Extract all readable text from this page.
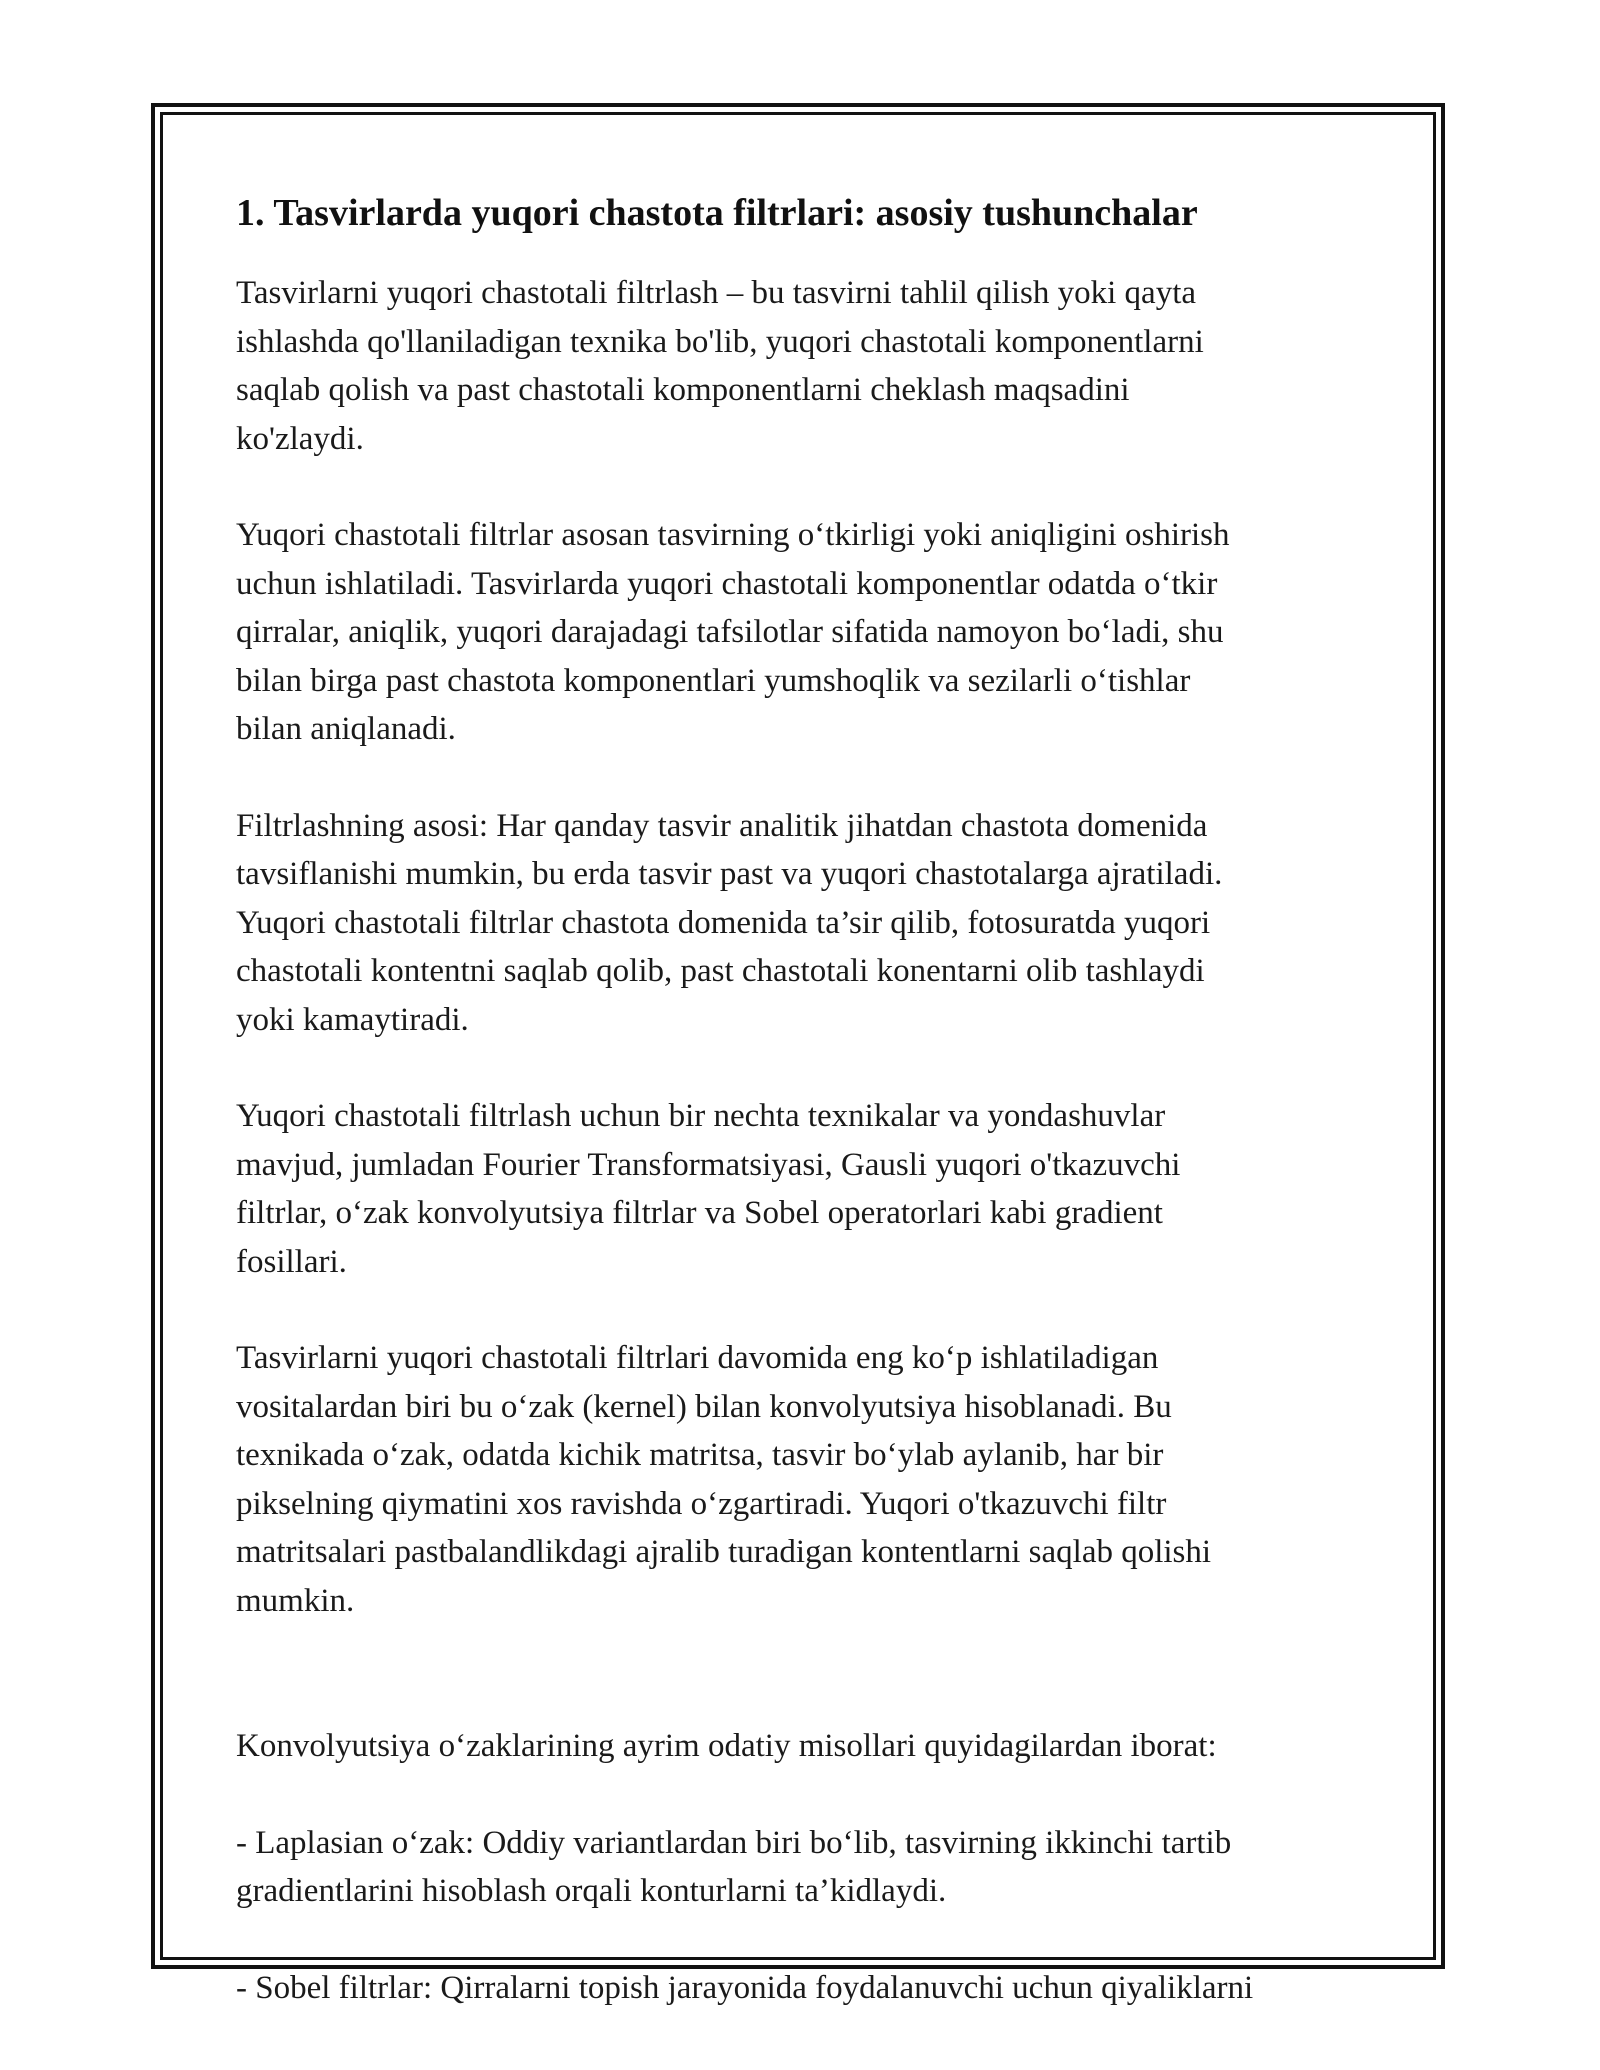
1. Tasvirlarda yuqori chastota filtrlari: asosiy tushunchalar

Tasvirlarni yuqori chastotali filtrlash – bu tasvirni tahlil qilish yoki qayta
ishlashda qo'llaniladigan texnika bo'lib, yuqori chastotali komponentlarni
saqlab qolish va past chastotali komponentlarni cheklash maqsadini
ko'zlaydi.

Yuqori chastotali filtrlar asosan tasvirning o‘tkirligi yoki aniqligini oshirish
uchun ishlatiladi. Tasvirlarda yuqori chastotali komponentlar odatda o‘tkir
qirralar, aniqlik, yuqori darajadagi tafsilotlar sifatida namoyon bo‘ladi, shu
bilan birga past chastota komponentlari yumshoqlik va sezilarli o‘tishlar
bilan aniqlanadi.

Filtrlashning asosi: Har qanday tasvir analitik jihatdan chastota domenida
tavsiflanishi mumkin, bu erda tasvir past va yuqori chastotalarga ajratiladi.
Yuqori chastotali filtrlar chastota domenida ta’sir qilib, fotosuratda yuqori
chastotali kontentni saqlab qolib, past chastotali konentarni olib tashlaydi
yoki kamaytiradi.

Yuqori chastotali filtrlash uchun bir nechta texnikalar va yondashuvlar
mavjud, jumladan Fourier Transformatsiyasi, Gausli yuqori o'tkazuvchi
filtrlar, o‘zak konvolyutsiya filtrlar va Sobel operatorlari kabi gradient
fosillari.

Tasvirlarni yuqori chastotali filtrlari davomida eng ko‘p ishlatiladigan
vositalardan biri bu o‘zak (kernel) bilan konvolyutsiya hisoblanadi. Bu
texnikada o‘zak, odatda kichik matritsa, tasvir bo‘ylab aylanib, har bir
pikselning qiymatini xos ravishda o‘zgartiradi. Yuqori o'tkazuvchi filtr
matritsalari pastbalandlikdagi ajralib turadigan kontentlarni saqlab qolishi
mumkin.

Konvolyutsiya o‘zaklarining ayrim odatiy misollari quyidagilardan iborat:

- Laplasian o‘zak: Oddiy variantlardan biri bo‘lib, tasvirning ikkinchi tartib
gradientlarini hisoblash orqali konturlarni ta’kidlaydi.

- Sobel filtrlar: Qirralarni topish jarayonida foydalanuvchi uchun qiyaliklarni
